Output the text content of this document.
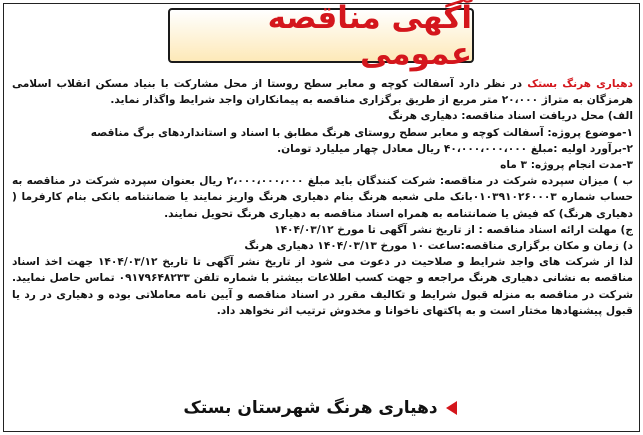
آگهی مناقصه عمومی

دهیاری هرنگ بستک در نظر دارد آسفالت کوچه و معابر سطح روستا از محل مشارکت با بنیاد مسکن انقلاب اسلامی هرمزگان به متراژ ۲۰،۰۰۰ متر مربع از طریق برگزاری مناقصه به پیمانکاران واجد شرایط واگذار نماید.

الف) محل دریافت اسناد مناقصه: دهیاری هرنگ

۱-موضوع پروژه: آسفالت کوچه و معابر سطح روستای هرنگ مطابق با اسناد و استانداردهای برگ مناقصه

۲-برآورد اولیه :مبلغ ۴۰،۰۰۰،۰۰۰،۰۰۰ ریال معادل چهار میلیارد تومان.

۳-مدت انجام پروژه: ۳ ماه

ب ) میزان سپرده شرکت در مناقصه: شرکت کنندگان باید مبلغ ۲،۰۰۰،۰۰۰،۰۰۰ ریال بعنوان سپرده شرکت در مناقصه به حساب شماره ۰۱۰۳۹۱۰۲۶۰۰۰۳بانک ملی شعبه هرنگ بنام دهیاری هرنگ واریز نمایند یا ضمانتنامه بانکی بنام کارفرما ( دهیاری هرنگ) که فیش یا ضمانتنامه به همراه اسناد مناقصه به دهیاری هرنگ تحویل نمایند.

ج) مهلت ارائه اسناد مناقصه : از تاریخ نشر آگهی تا مورخ ۱۴۰۴/۰۳/۱۲

د) زمان و مکان برگزاری مناقصه:ساعت ۱۰ مورخ ۱۴۰۴/۰۳/۱۳ دهیاری هرنگ

لذا از شرکت های واجد شرایط و صلاحیت در دعوت می شود از تاریخ نشر آگهی تا تاریخ ۱۴۰۴/۰۳/۱۲ جهت اخذ اسناد مناقصه به نشانی دهیاری هرنگ مراجعه و جهت کسب اطلاعات بیشتر با شماره تلفن ۰۹۱۷۹۶۴۸۲۳۳ تماس حاصل نمایید. شرکت در مناقصه به منزله قبول شرایط و تکالیف مقرر در اسناد مناقصه و آیین نامه معاملاتی بوده و دهیاری در رد یا قبول پیشنهادها مختار است و به پاکتهای ناخوانا و مخدوش ترتیب اثر نخواهد داد.

دهیاری هرنگ شهرستان بستک
